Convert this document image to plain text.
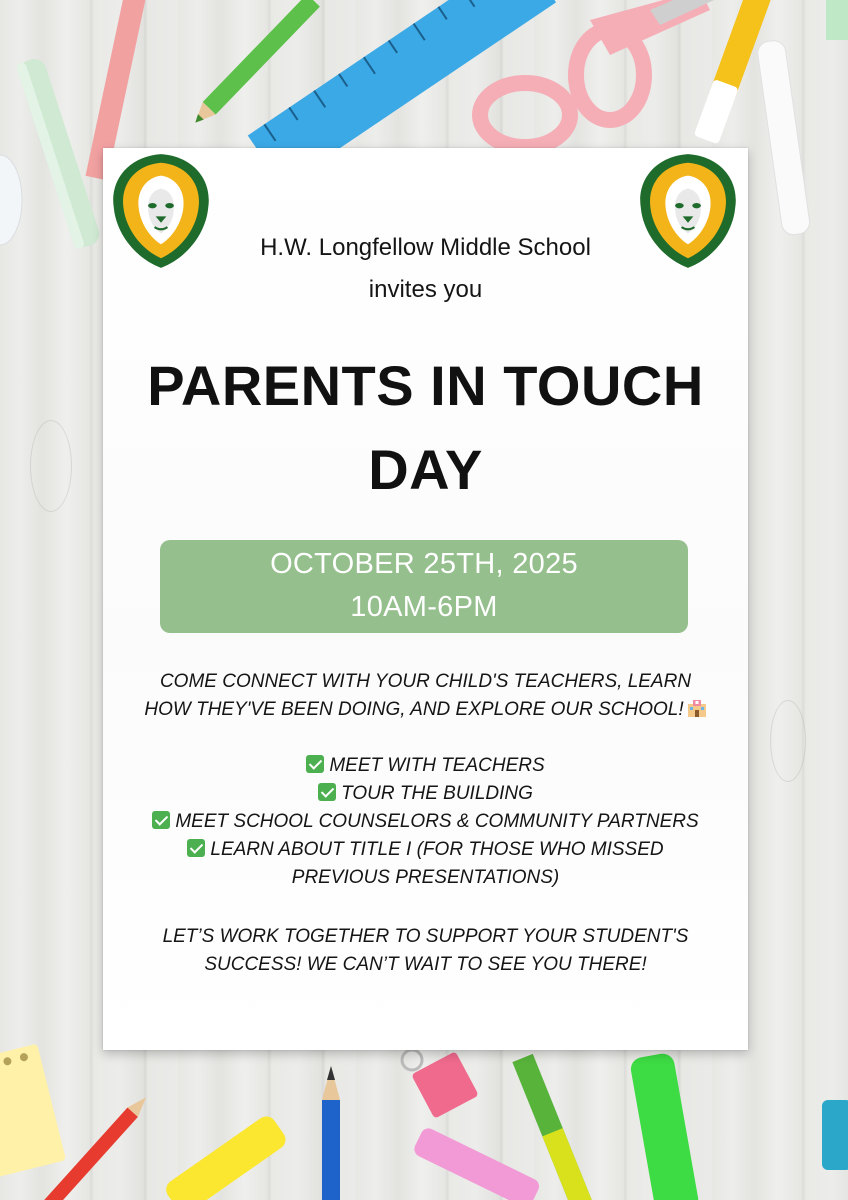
H.W. Longfellow Middle School
invites you
PARENTS IN TOUCH
DAY
OCTOBER 25TH, 2025
10AM-6PM
COME CONNECT WITH YOUR CHILD'S TEACHERS, LEARN
HOW THEY'VE BEEN DOING, AND EXPLORE OUR SCHOOL!
MEET WITH TEACHERS
TOUR THE BUILDING
MEET SCHOOL COUNSELORS & COMMUNITY PARTNERS
LEARN ABOUT TITLE I (FOR THOSE WHO MISSED
PREVIOUS PRESENTATIONS)
LET’S WORK TOGETHER TO SUPPORT YOUR STUDENT'S
SUCCESS! WE CAN’T WAIT TO SEE YOU THERE!
